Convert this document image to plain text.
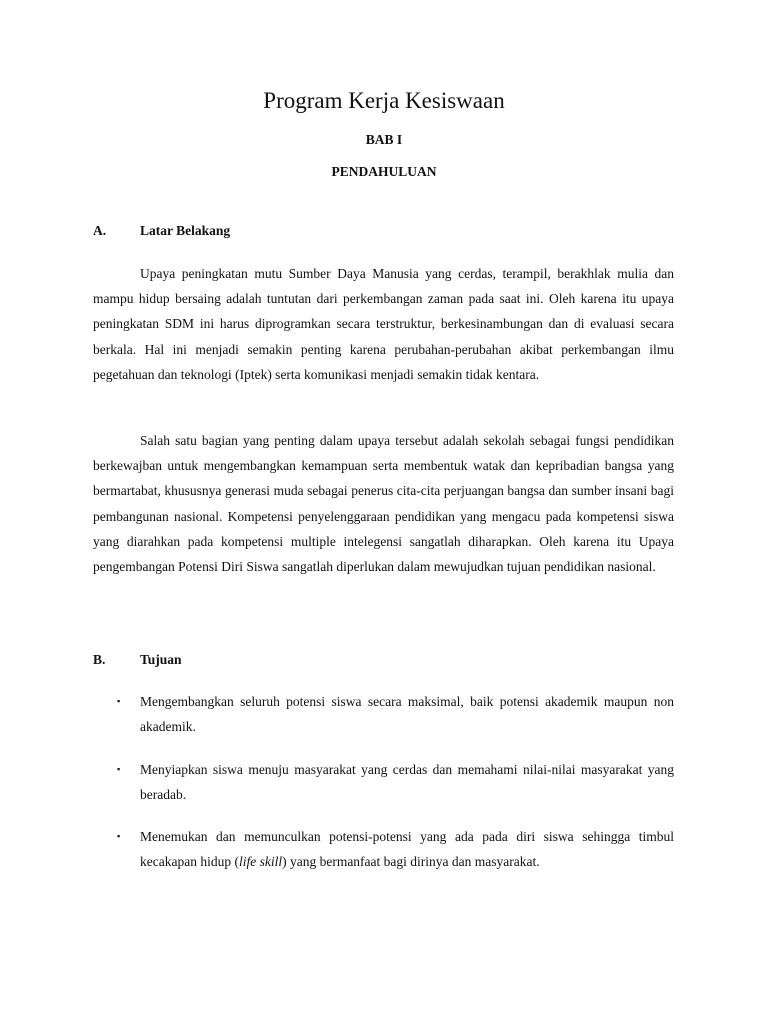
Program Kerja Kesiswaan
BAB I
PENDAHULUAN
A.	Latar Belakang

Upaya peningkatan mutu Sumber Daya Manusia yang cerdas, terampil, berakhlak mulia dan mampu hidup bersaing adalah tuntutan dari perkembangan zaman pada saat ini. Oleh karena itu upaya peningkatan SDM ini harus diprogramkan secara terstruktur, berkesinambungan dan di evaluasi secara berkala. Hal ini menjadi semakin penting karena perubahan-perubahan akibat perkembangan ilmu pegetahuan dan teknologi (Iptek) serta komunikasi menjadi semakin tidak kentara.

Salah satu bagian yang penting dalam upaya tersebut adalah sekolah sebagai fungsi pendidikan berkewajban untuk mengembangkan kemampuan serta membentuk watak dan kepribadian bangsa yang bermartabat, khususnya generasi muda sebagai penerus cita-cita perjuangan bangsa dan sumber insani bagi pembangunan nasional. Kompetensi penyelenggaraan pendidikan yang mengacu pada kompetensi siswa yang diarahkan pada kompetensi multiple intelegensi sangatlah diharapkan. Oleh karena itu Upaya pengembangan Potensi Diri Siswa sangatlah diperlukan dalam mewujudkan tujuan pendidikan nasional.

B.	Tujuan
▪	Mengembangkan seluruh potensi siswa secara maksimal, baik potensi akademik maupun non akademik.
▪	Menyiapkan siswa menuju masyarakat yang cerdas dan memahami nilai-nilai masyarakat yang beradab.
▪	Menemukan dan memunculkan potensi-potensi yang ada pada diri siswa sehingga timbul kecakapan hidup (life skill) yang bermanfaat bagi dirinya dan masyarakat.
